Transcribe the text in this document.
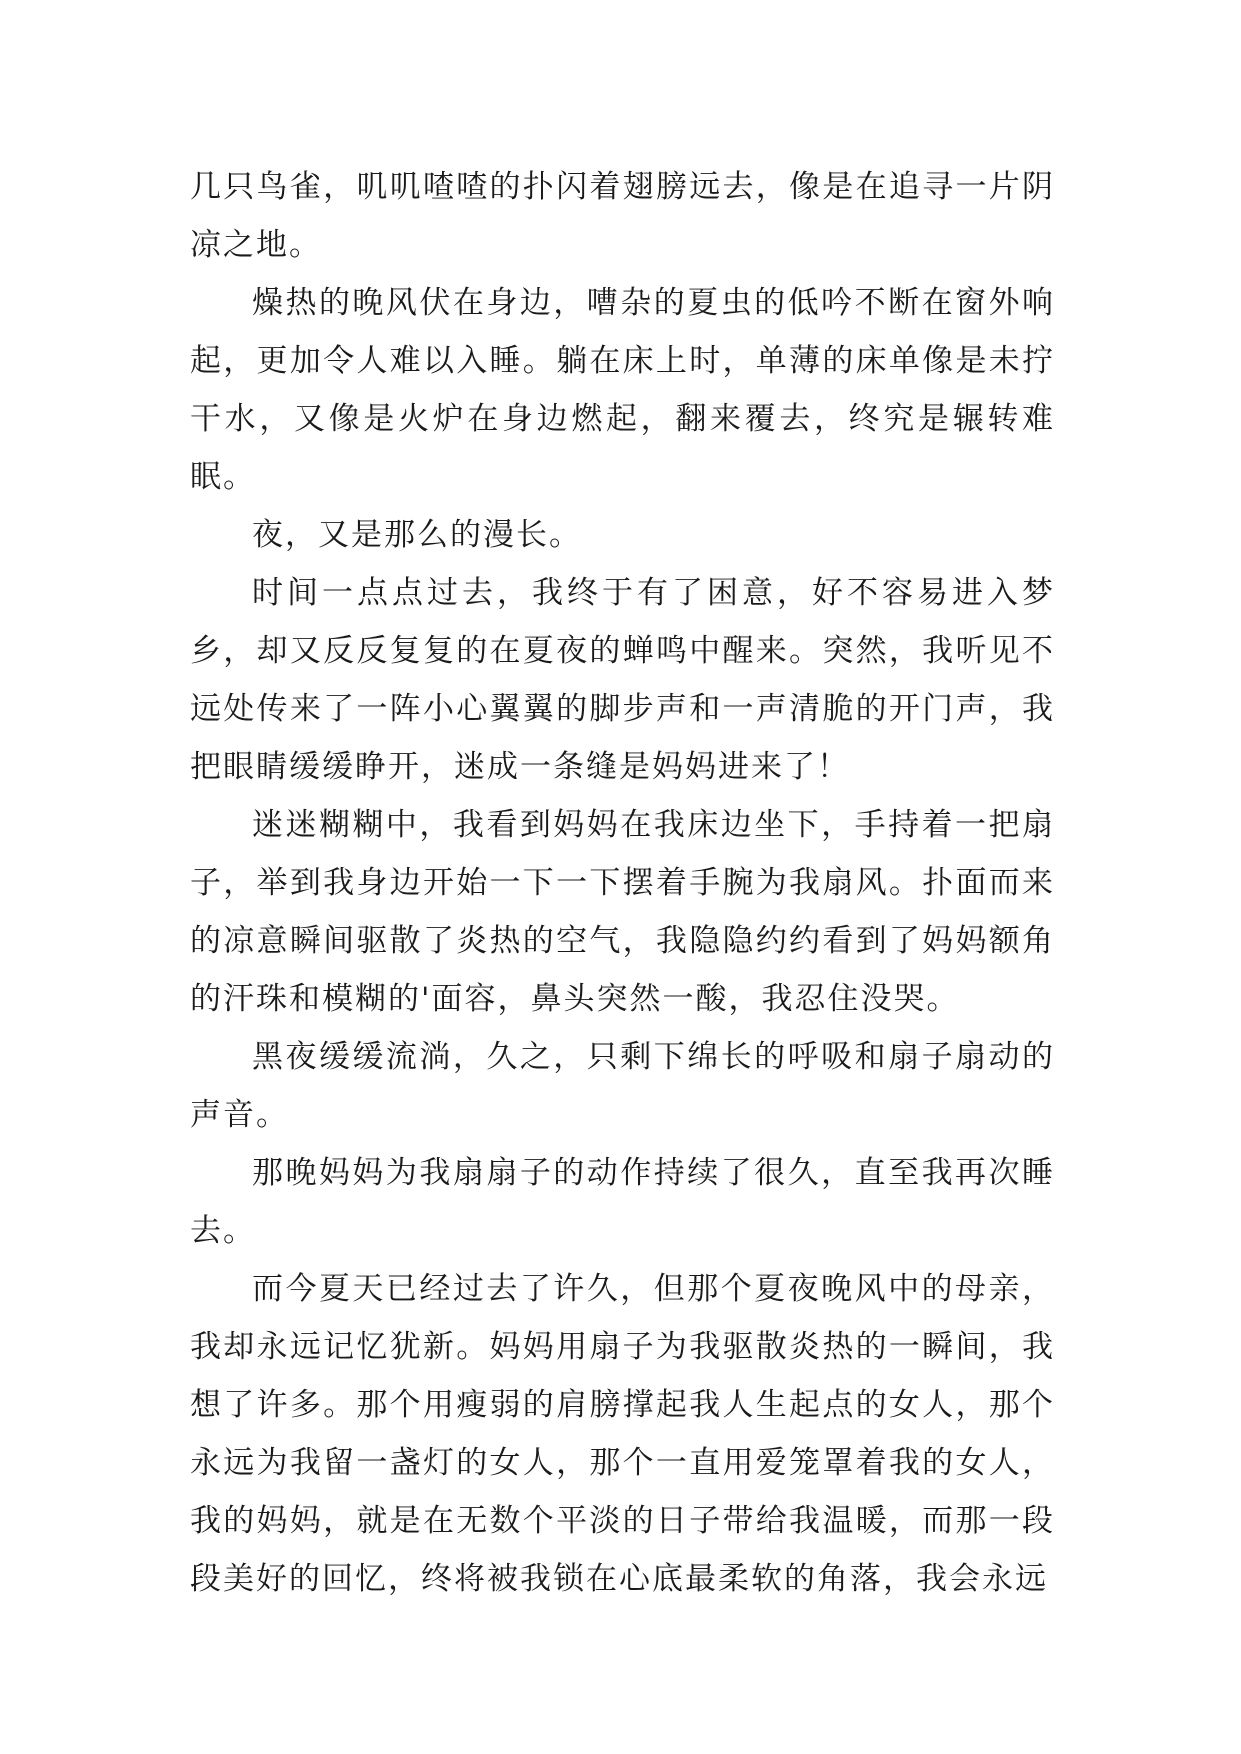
几只鸟雀，叽叽喳喳的扑闪着翅膀远去，像是在追寻一片阴凉之地。

燥热的晚风伏在身边，嘈杂的夏虫的低吟不断在窗外响起，更加令人难以入睡。躺在床上时，单薄的床单像是未拧干水，又像是火炉在身边燃起，翻来覆去，终究是辗转难眠。

夜，又是那么的漫长。

时间一点点过去，我终于有了困意，好不容易进入梦乡，却又反反复复的在夏夜的蝉鸣中醒来。突然，我听见不远处传来了一阵小心翼翼的脚步声和一声清脆的开门声，我把眼睛缓缓睁开，迷成一条缝是妈妈进来了！

迷迷糊糊中，我看到妈妈在我床边坐下，手持着一把扇子，举到我身边开始一下一下摆着手腕为我扇风。扑面而来的凉意瞬间驱散了炎热的空气，我隐隐约约看到了妈妈额角的汗珠和模糊的'面容，鼻头突然一酸，我忍住没哭。

黑夜缓缓流淌，久之，只剩下绵长的呼吸和扇子扇动的声音。

那晚妈妈为我扇扇子的动作持续了很久，直至我再次睡去。

而今夏天已经过去了许久，但那个夏夜晚风中的母亲，我却永远记忆犹新。妈妈用扇子为我驱散炎热的一瞬间，我想了许多。那个用瘦弱的肩膀撑起我人生起点的女人，那个永远为我留一盏灯的女人，那个一直用爱笼罩着我的女人，我的妈妈，就是在无数个平淡的日子带给我温暖，而那一段段美好的回忆，终将被我锁在心底最柔软的角落，我会永远
